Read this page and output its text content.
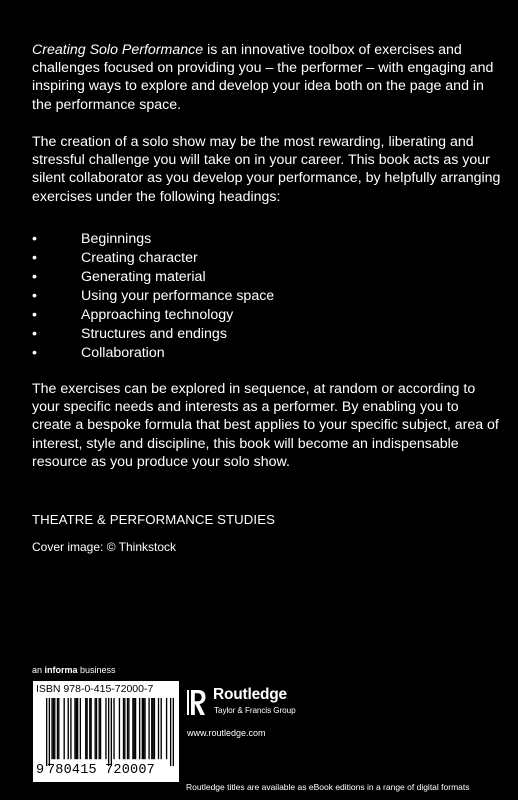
Creating Solo Performance is an innovative toolbox of exercises and challenges focused on providing you – the performer – with engaging and inspiring ways to explore and develop your idea both on the page and in the performance space.

The creation of a solo show may be the most rewarding, liberating and stressful challenge you will take on in your career. This book acts as your silent collaborator as you develop your performance, by helpfully arranging exercises under the following headings:

•	Beginnings
•	Creating character
•	Generating material
•	Using your performance space
•	Approaching technology
•	Structures and endings
•	Collaboration

The exercises can be explored in sequence, at random or according to your specific needs and interests as a performer. By enabling you to create a bespoke formula that best applies to your specific subject, area of interest, style and discipline, this book will become an indispensable resource as you produce your solo show.

THEATRE & PERFORMANCE STUDIES
Cover image: © Thinkstock
an informa business
ISBN 978-0-415-72000-7
9 780415 720007
Routledge
Taylor & Francis Group
www.routledge.com
Routledge titles are available as eBook editions in a range of digital formats
